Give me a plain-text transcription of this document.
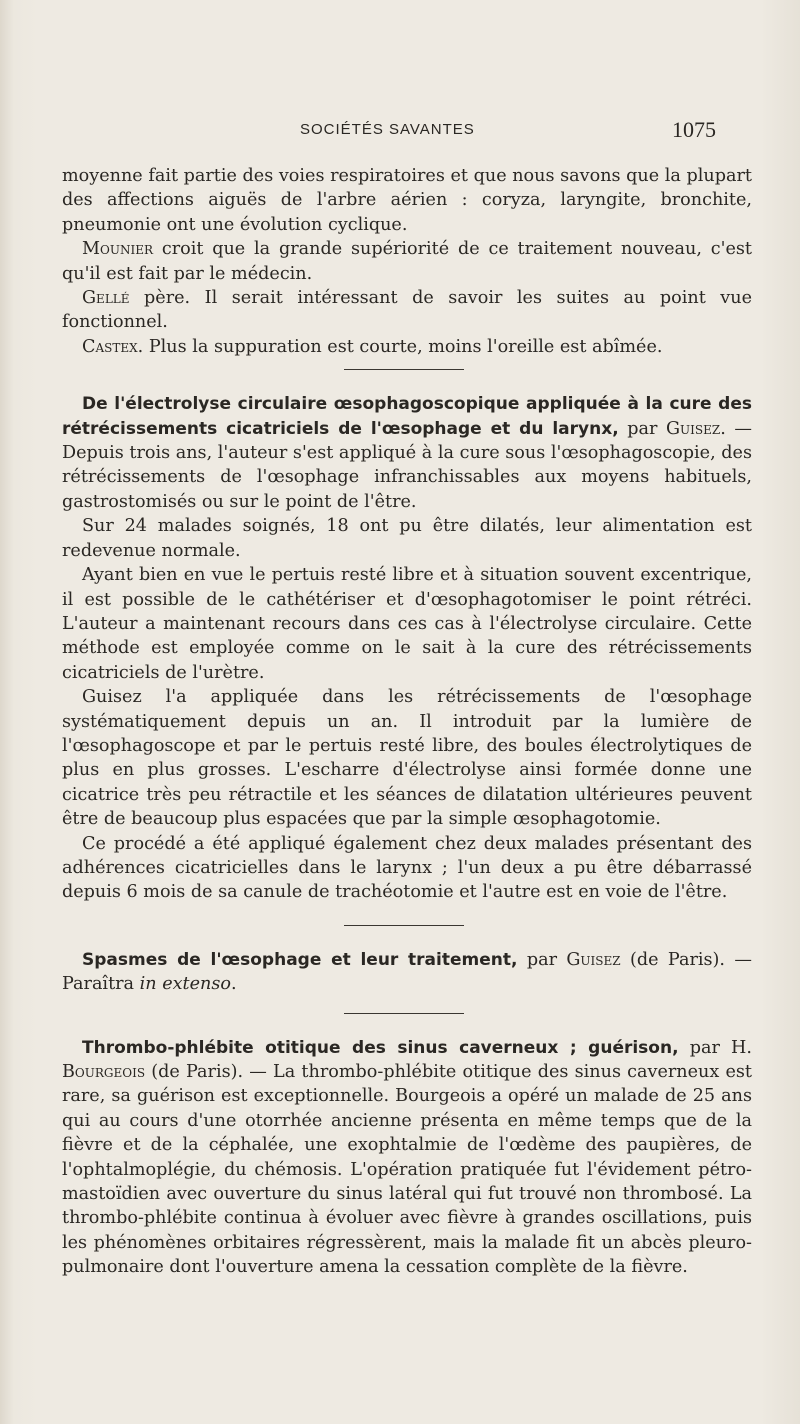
SOCIÉTÉS SAVANTES	1075

moyenne fait partie des voies respiratoires et que nous savons que la plupart des affections aiguës de l'arbre aérien : coryza, laryngite, bronchite, pneumonie ont une évolution cyclique.

Mounier croit que la grande supériorité de ce traitement nouveau, c'est qu'il est fait par le médecin.

Gellé père. Il serait intéressant de savoir les suites au point vue fonctionnel.

Castex. Plus la suppuration est courte, moins l'oreille est abîmée.

De l'électrolyse circulaire œsophagoscopique appliquée à la cure des rétrécissements cicatriciels de l'œsophage et du larynx, par Guisez. — Depuis trois ans, l'auteur s'est appliqué à la cure sous l'œsophagoscopie, des rétrécissements de l'œsophage infranchissables aux moyens habituels, gastrostomisés ou sur le point de l'être.

Sur 24 malades soignés, 18 ont pu être dilatés, leur alimentation est redevenue normale.

Ayant bien en vue le pertuis resté libre et à situation souvent excentrique, il est possible de le cathétériser et d'œsophagotomiser le point rétréci. L'auteur a maintenant recours dans ces cas à l'électrolyse circulaire. Cette méthode est employée comme on le sait à la cure des rétrécissements cicatriciels de l'urètre.

Guisez l'a appliquée dans les rétrécissements de l'œsophage systématiquement depuis un an. Il introduit par la lumière de l'œsophagoscope et par le pertuis resté libre, des boules électrolytiques de plus en plus grosses. L'escharre d'électrolyse ainsi formée donne une cicatrice très peu rétractile et les séances de dilatation ultérieures peuvent être de beaucoup plus espacées que par la simple œsophagotomie.

Ce procédé a été appliqué également chez deux malades présentant des adhérences cicatricielles dans le larynx ; l'un deux a pu être débarrassé depuis 6 mois de sa canule de trachéotomie et l'autre est en voie de l'être.

Spasmes de l'œsophage et leur traitement, par Guisez (de Paris). — Paraîtra in extenso.

Thrombo-phlébite otitique des sinus caverneux ; guérison, par H. Bourgeois (de Paris). — La thrombo-phlébite otitique des sinus caverneux est rare, sa guérison est exceptionnelle. Bourgeois a opéré un malade de 25 ans qui au cours d'une otorrhée ancienne présenta en même temps que de la fièvre et de la céphalée, une exophtalmie de l'œdème des paupières, de l'ophtalmoplégie, du chémosis. L'opération pratiquée fut l'évidement pétro-mastoïdien avec ouverture du sinus latéral qui fut trouvé non thrombosé. La thrombo-phlébite continua à évoluer avec fièvre à grandes oscillations, puis les phénomènes orbitaires régressèrent, mais la malade fit un abcès pleuro-pulmonaire dont l'ouverture amena la cessation complète de la fièvre.
